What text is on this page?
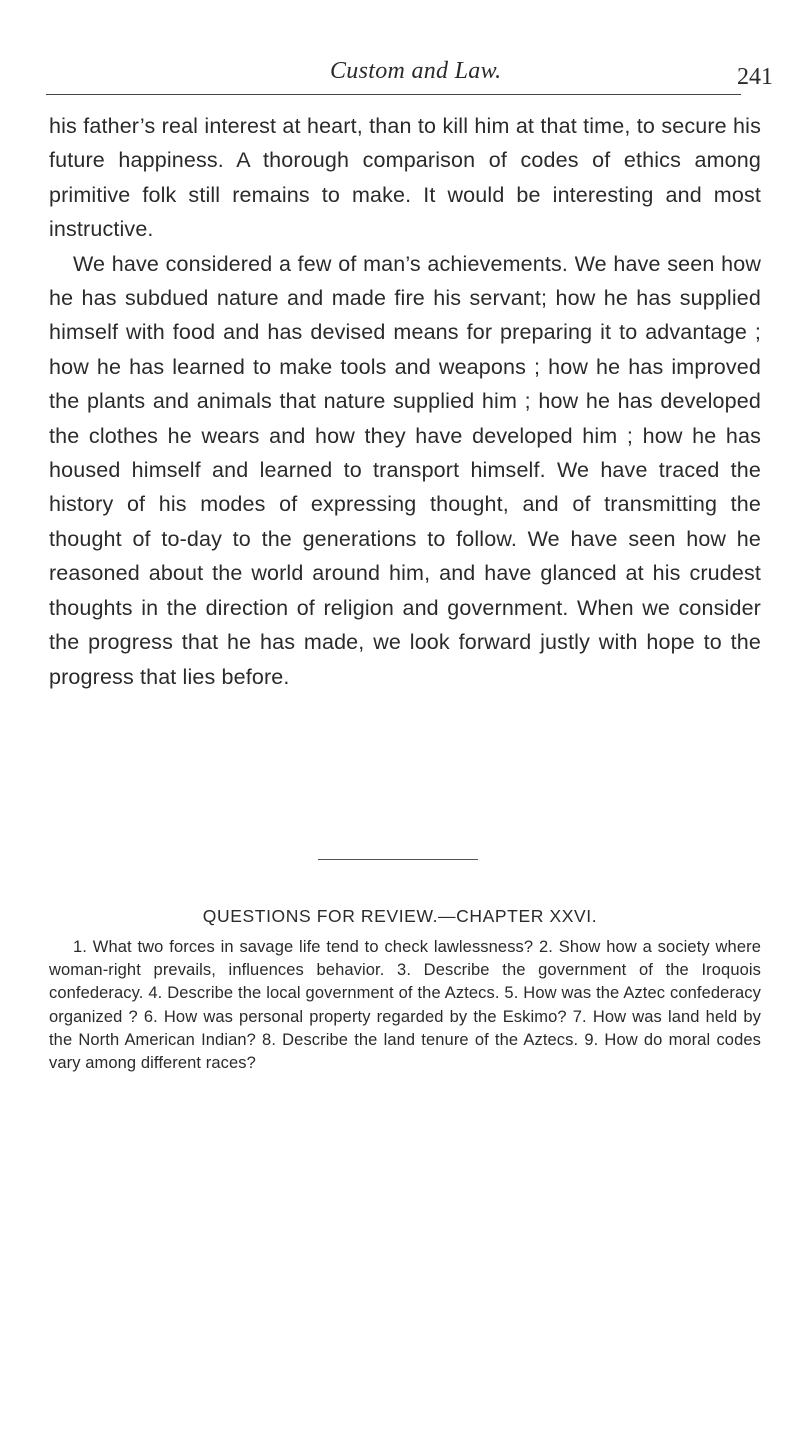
Custom and Law.	241

his father’s real interest at heart, than to kill him at that time, to secure his future happiness. A thorough comparison of codes of ethics among primitive folk still remains to make. It would be interesting and most instructive.

We have considered a few of man’s achievements. We have seen how he has subdued nature and made fire his servant; how he has supplied himself with food and has devised means for preparing it to advantage ; how he has learned to make tools and weapons ; how he has improved the plants and animals that nature supplied him ; how he has developed the clothes he wears and how they have developed him ; how he has housed himself and learned to transport himself. We have traced the history of his modes of expressing thought, and of transmitting the thought of to-day to the generations to follow. We have seen how he reasoned about the world around him, and have glanced at his crudest thoughts in the direction of religion and government. When we consider the progress that he has made, we look forward justly with hope to the progress that lies before.

QUESTIONS FOR REVIEW.—CHAPTER XXVI.

1. What two forces in savage life tend to check lawlessness? 2. Show how a society where woman-right prevails, influences behavior. 3. Describe the government of the Iroquois confederacy. 4. Describe the local government of the Aztecs. 5. How was the Aztec confederacy organized ? 6. How was personal property regarded by the Eskimo? 7. How was land held by the North American Indian? 8. Describe the land tenure of the Aztecs. 9. How do moral codes vary among different races?
